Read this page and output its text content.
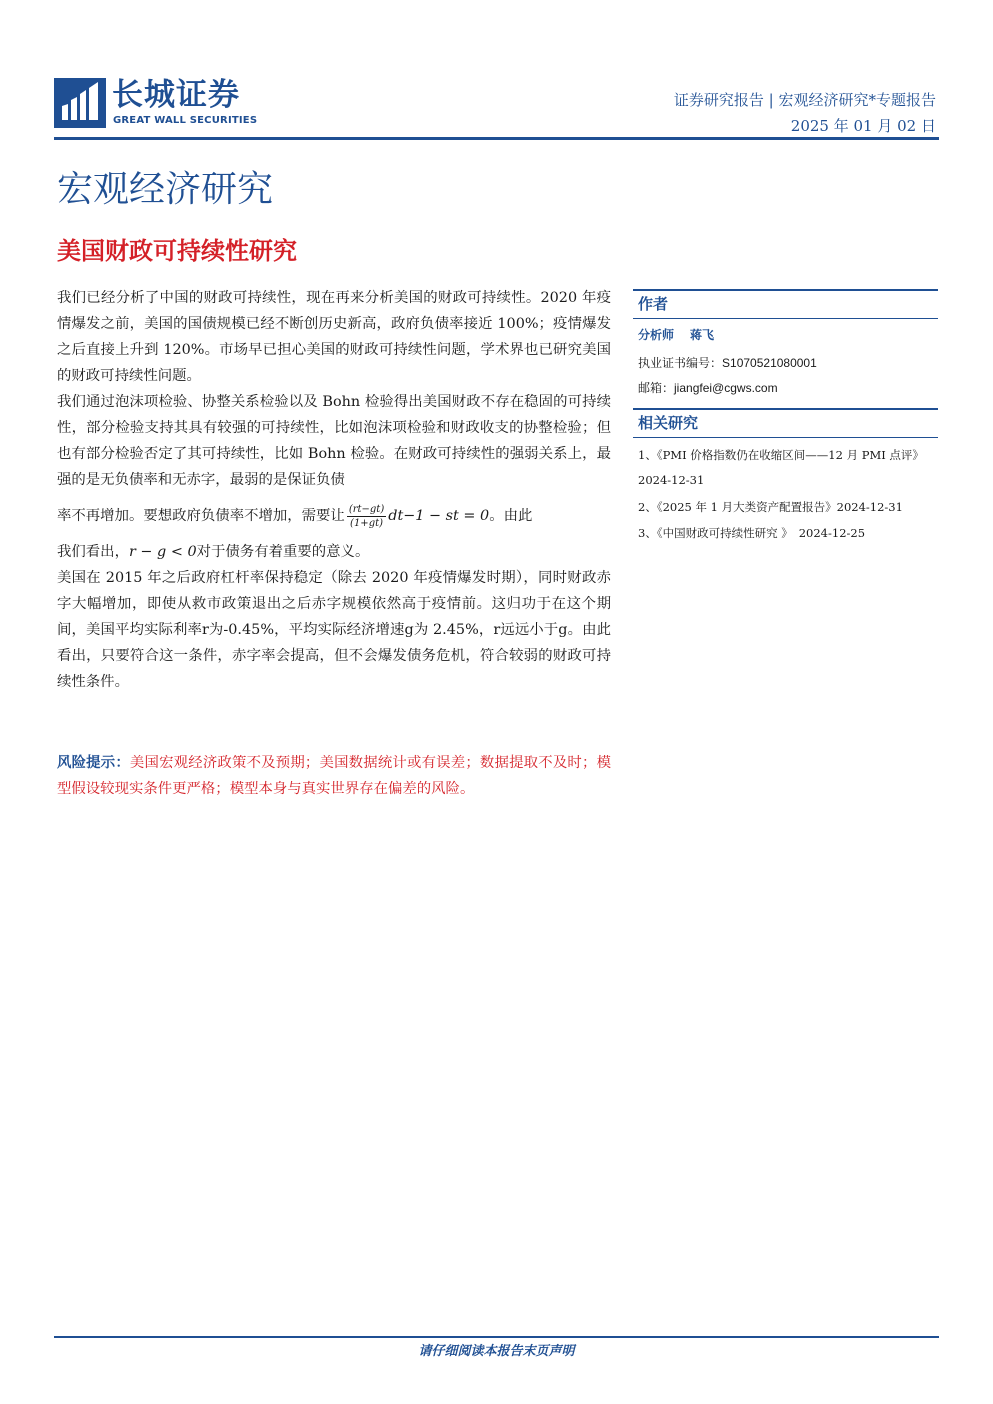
长城证券
GREAT WALL SECURITIES
证券研究报告 | 宏观经济研究*专题报告
2025 年 01 月 02 日
宏观经济研究
美国财政可持续性研究

我们已经分析了中国的财政可持续性，现在再来分析美国的财政可持续性。2020 年疫情爆发之前，美国的国债规模已经不断创历史新高，政府负债率接近 100%；疫情爆发之后直接上升到 120%。市场早已担心美国的财政可持续性问题，学术界也已研究美国的财政可持续性问题。

我们通过泡沫项检验、协整关系检验以及 Bohn 检验得出美国财政不存在稳固的可持续性，部分检验支持其具有较强的可持续性，比如泡沫项检验和财政收支的协整检验；但也有部分检验否定了其可持续性，比如 Bohn 检验。在财政可持续性的强弱关系上，最强的是无负债率和无赤字，最弱的是保证负债

率不再增加。要想政府负债率不增加，需要让 $\frac{(rt-gt)}{(1+gt)} dt-1$ − st = 0。由此

我们看出，r − g < 0对于债务有着重要的意义。

美国在 2015 年之后政府杠杆率保持稳定（除去 2020 年疫情爆发时期），同时财政赤字大幅增加，即使从救市政策退出之后赤字规模依然高于疫情前。这归功于在这个期间，美国平均实际利率r为-0.45%，平均实际经济增速g为 2.45%，r远远小于g。由此看出，只要符合这一条件，赤字率会提高，但不会爆发债务危机，符合较弱的财政可持续性条件。

风险提示：美国宏观经济政策不及预期；美国数据统计或有误差；数据提取不及时；模型假设较现实条件更严格；模型本身与真实世界存在偏差的风险。
作者
分析师 蒋飞
执业证书编号：S1070521080001
邮箱：jiangfei@cgws.com
相关研究
1、《PMI 价格指数仍在收缩区间——12 月 PMI 点评》
2024-12-31
2、《2025 年 1 月大类资产配置报告》2024-12-31
3、《中国财政可持续性研究 》 2024-12-25
请仔细阅读本报告末页声明
